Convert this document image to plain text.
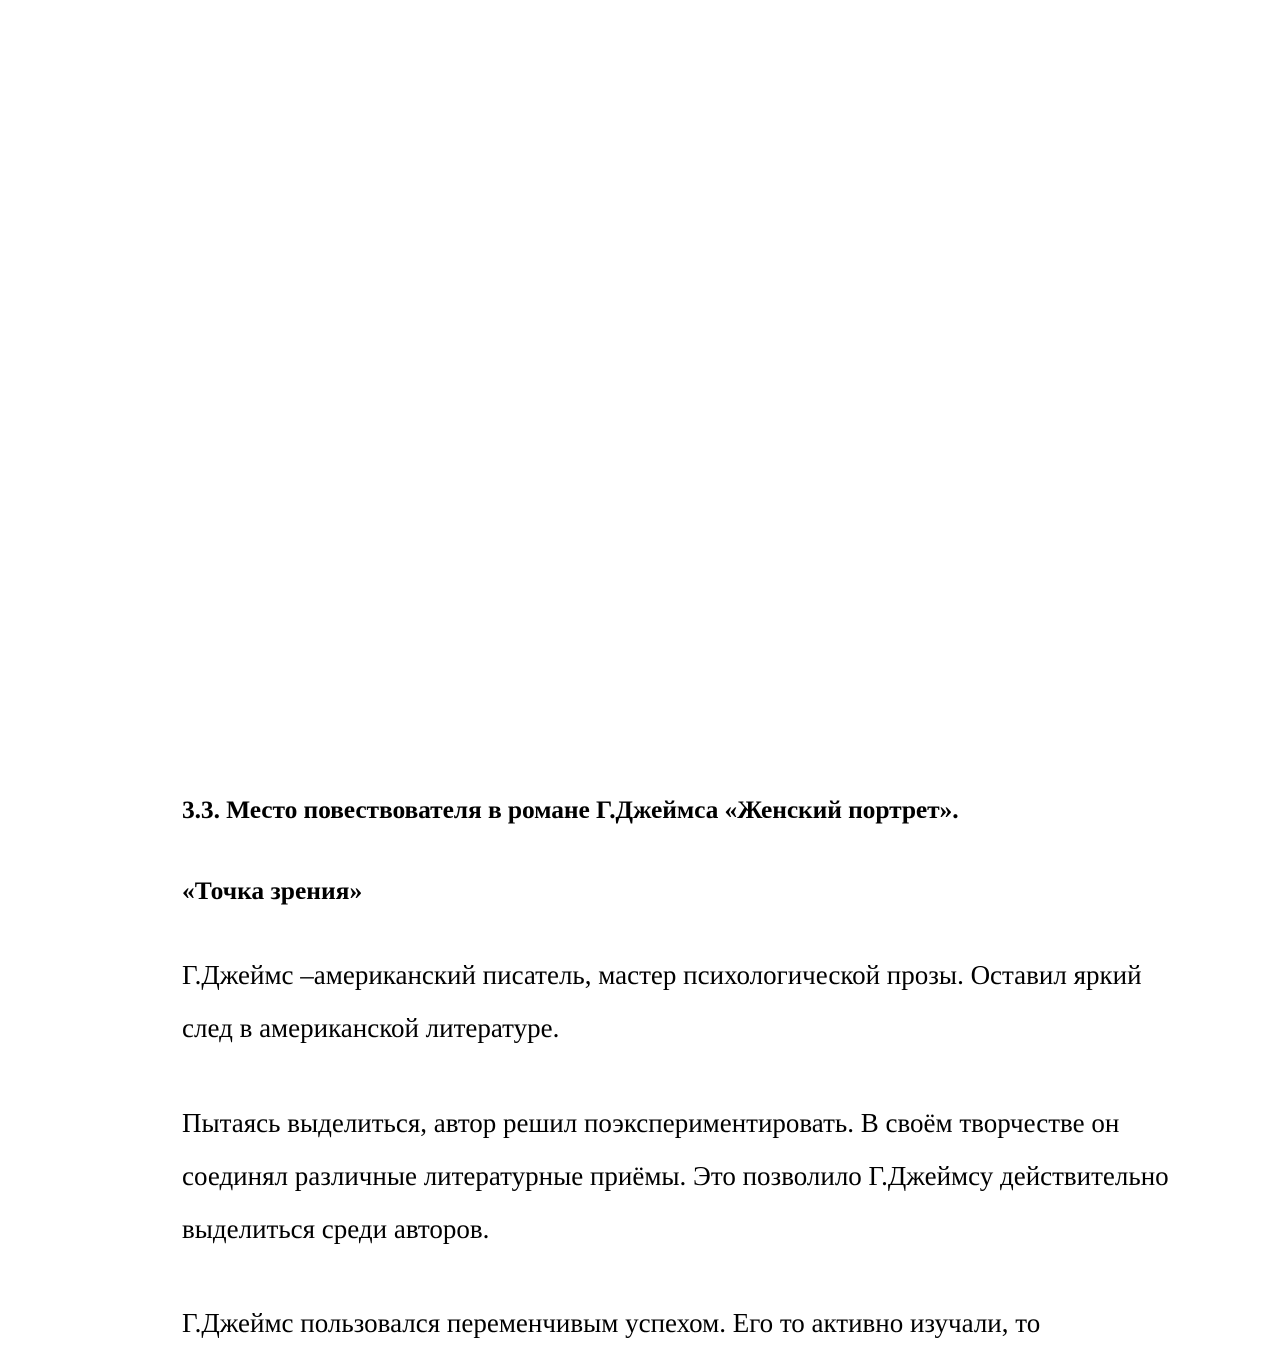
3.3. Место повествователя в романе Г.Джеймса «Женский портрет».
«Точка зрения»

Г.Джеймс –американский писатель, мастер психологической прозы. Оставил яркий след в американской литературе.

Пытаясь выделиться, автор решил поэкспериментировать. В своём творчестве он соединял различные литературные приёмы. Это позволило Г.Джеймсу действительно выделиться среди авторов.

Г.Джеймс пользовался переменчивым успехом. Его то активно изучали, то
